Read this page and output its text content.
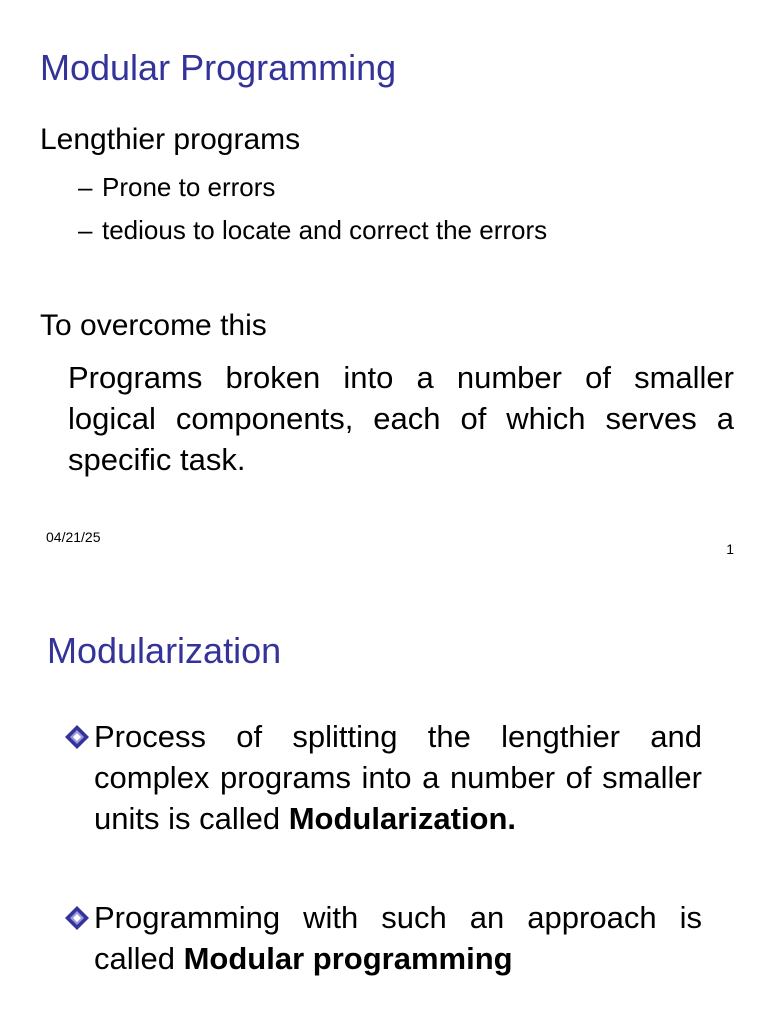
Modular Programming
Lengthier programs
– Prone to errors
– tedious to locate and correct the errors
To overcome this
Programs broken into a number of smaller logical components, each of which serves a specific task.
04/21/25
1
Modularization
Process of splitting the lengthier and complex programs into a number of smaller units is called Modularization.
Programming with such an approach is called Modular programming
